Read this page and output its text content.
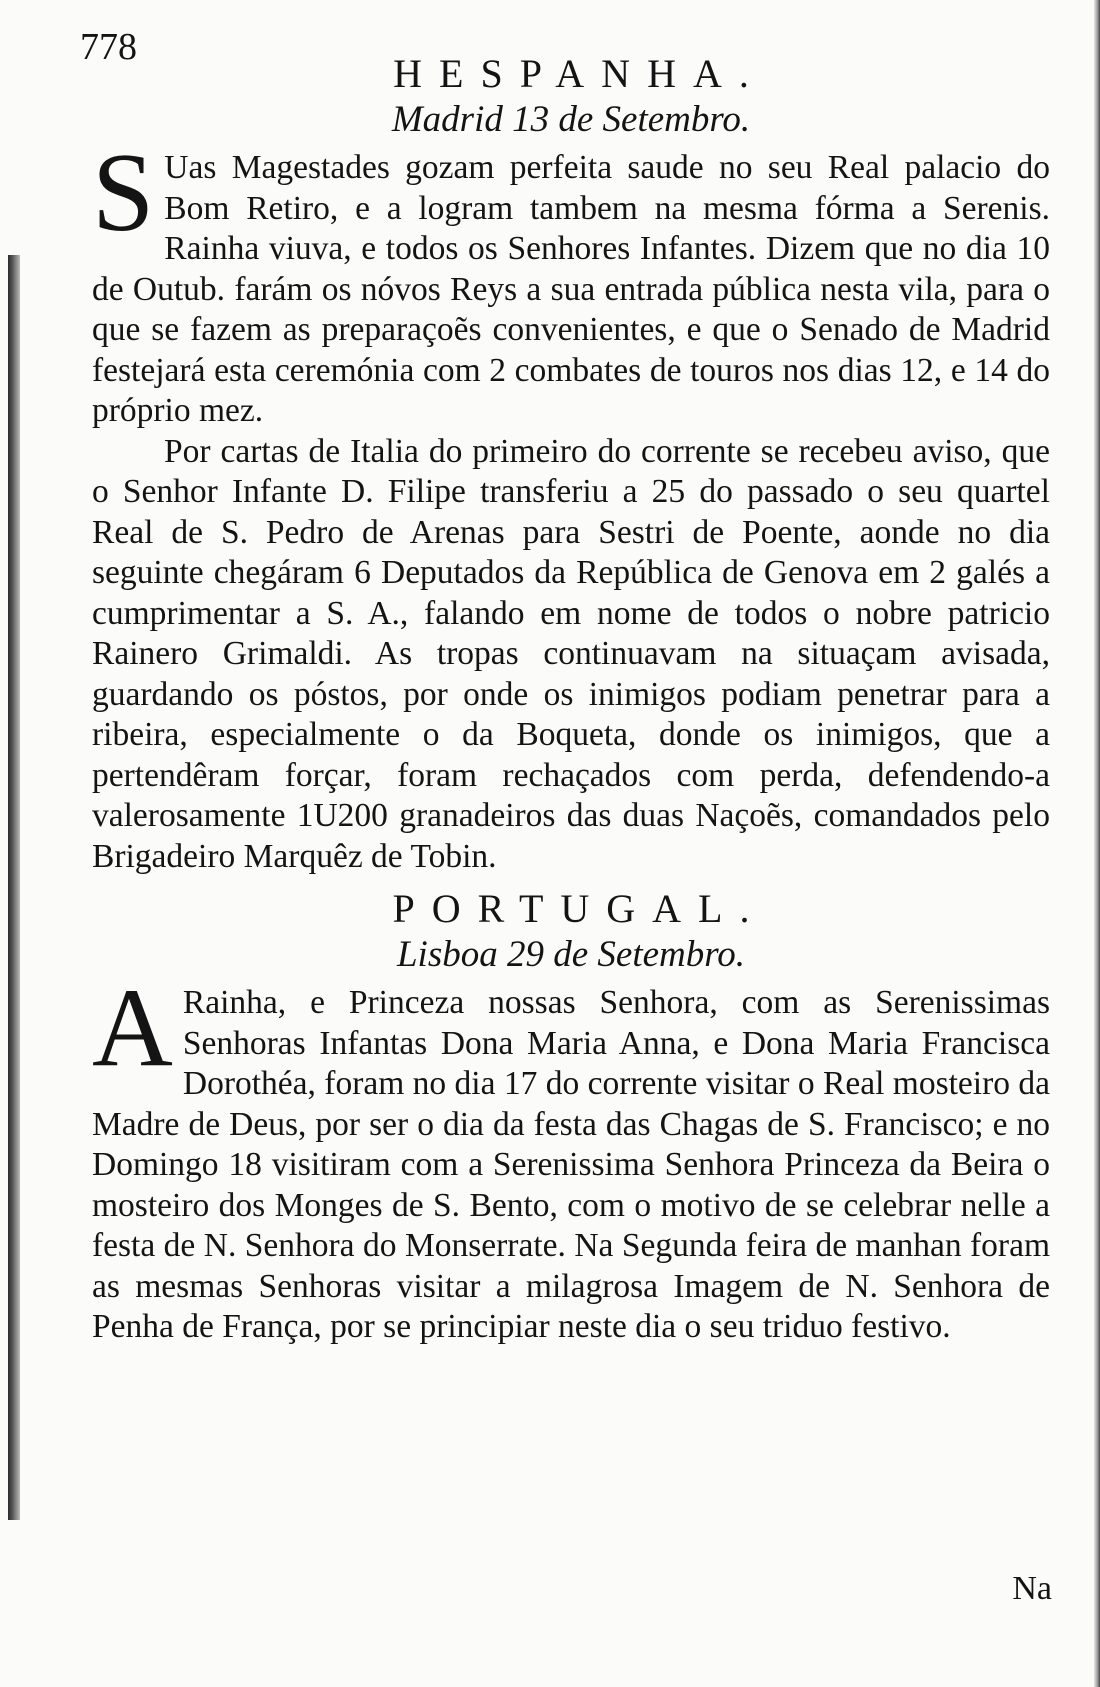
778
HESPANHA.
Madrid 13 de Setembro.

S Uas Magestades gozam perfeita saude no seu Real palacio do Bom Retiro, e a logram tambem na mesma fórma a Serenis. Rainha viuva, e todos os Senhores Infantes. Dizem que no dia 10 de Outub. farám os nóvos Reys a sua entrada pública nesta vila, para o que se fazem as preparaçoẽs convenientes, e que o Senado de Madrid festejará esta ceremónia com 2 combates de touros nos dias 12, e 14 do próprio mez.

Por cartas de Italia do primeiro do corrente se recebeu aviso, que o Senhor Infante D. Filipe transferiu a 25 do passado o seu quartel Real de S. Pedro de Arenas para Sestri de Poente, aonde no dia seguinte chegáram 6 Deputados da República de Genova em 2 galés a cumprimentar a S. A., falando em nome de todos o nobre patricio Rainero Grimaldi. As tropas continuavam na situaçam avisada, guardando os póstos, por onde os inimigos podiam penetrar para a ribeira, especialmente o da Boqueta, donde os inimigos, que a pertendêram forçar, foram rechaçados com perda, defendendo-a valerosamente 1U200 granadeiros das duas Naçoẽs, comandados pelo Brigadeiro Marquêz de Tobin.

PORTUGAL.
Lisboa 29 de Setembro.

A Rainha, e Princeza nossas Senhora, com as Serenissimas Senhoras Infantas Dona Maria Anna, e Dona Maria Francisca Dorothéa, foram no dia 17 do corrente visitar o Real mosteiro da Madre de Deus, por ser o dia da festa das Chagas de S. Francisco; e no Domingo 18 visitiram com a Serenissima Senhora Princeza da Beira o mosteiro dos Monges de S. Bento, com o motivo de se celebrar nelle a festa de N. Senhora do Monserrate. Na Segunda feira de manhan foram as mesmas Senhoras visitar a milagrosa Imagem de N. Senhora de Penha de França, por se principiar neste dia o seu triduo festivo.

Na
